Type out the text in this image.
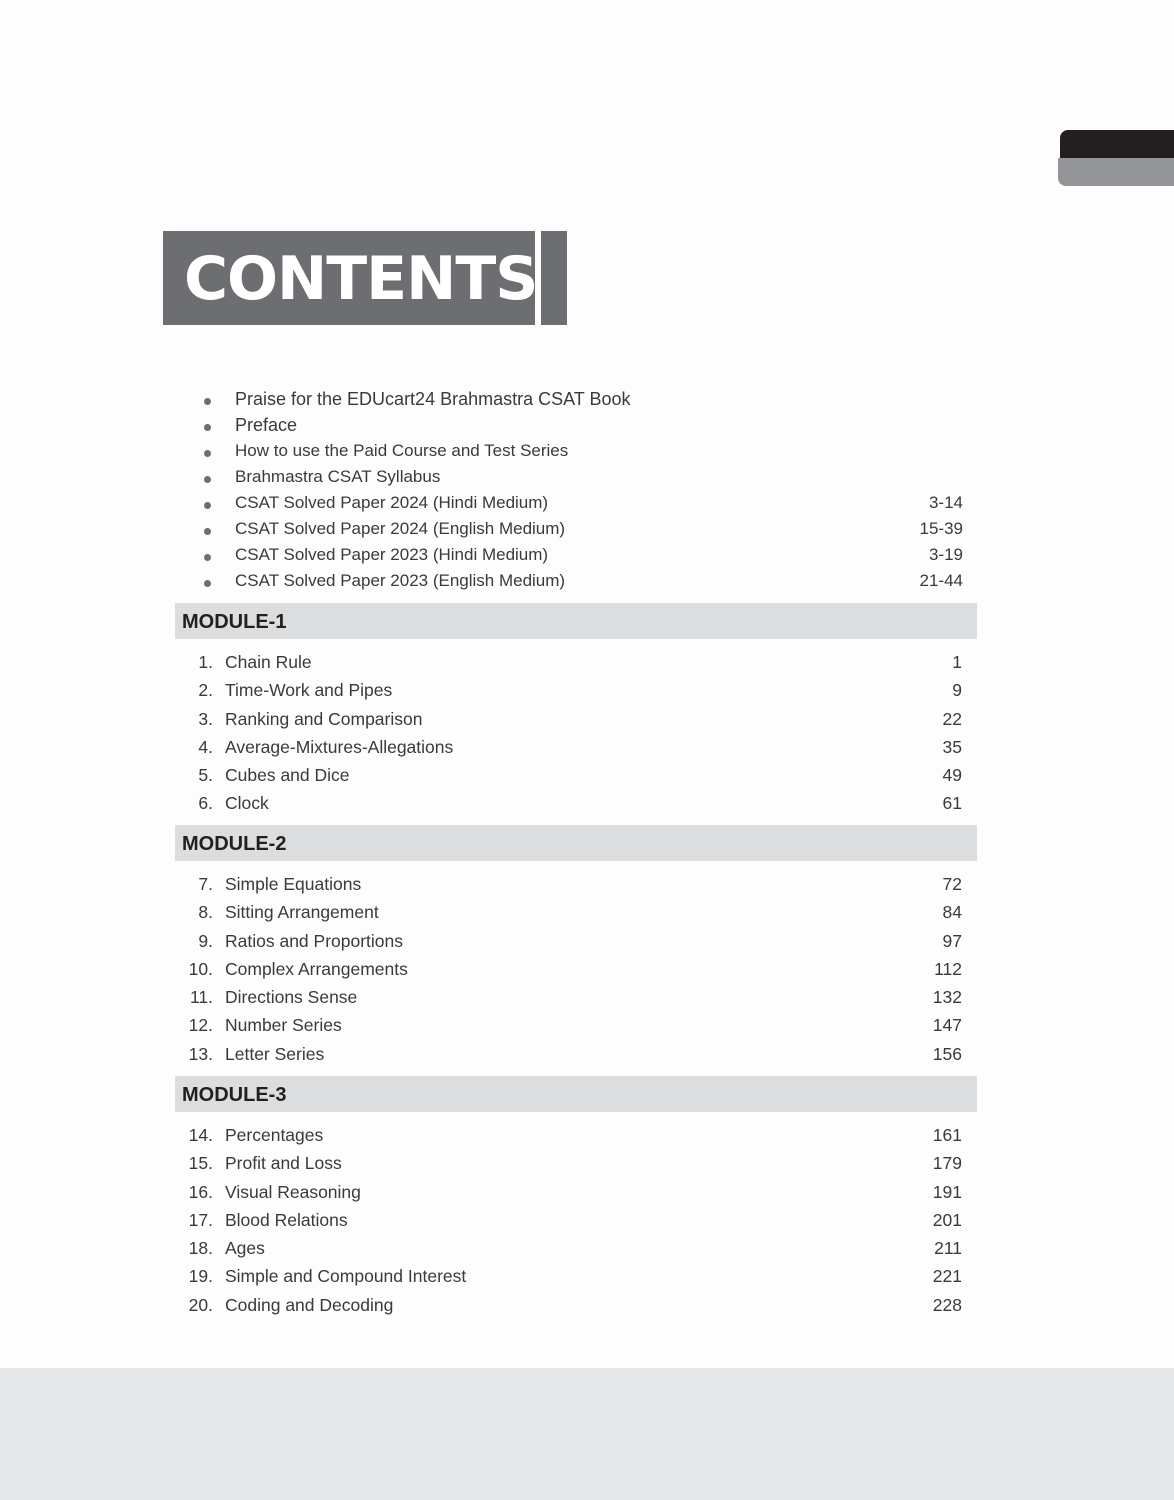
CONTENTS
Praise for the EDUcart24 Brahmastra CSAT Book
Preface
How to use the Paid Course and Test Series
Brahmastra CSAT Syllabus
CSAT Solved Paper 2024 (Hindi Medium)	3-14
CSAT Solved Paper 2024 (English Medium)	15-39
CSAT Solved Paper 2023 (Hindi Medium)	3-19
CSAT Solved Paper 2023 (English Medium)	21-44
MODULE-1
1. Chain Rule	1
2. Time-Work and Pipes	9
3. Ranking and Comparison	22
4. Average-Mixtures-Allegations	35
5. Cubes and Dice	49
6. Clock	61
MODULE-2
7. Simple Equations	72
8. Sitting Arrangement	84
9. Ratios and Proportions	97
10. Complex Arrangements	112
11. Directions Sense	132
12. Number Series	147
13. Letter Series	156
MODULE-3
14. Percentages	161
15. Profit and Loss	179
16. Visual Reasoning	191
17. Blood Relations	201
18. Ages	211
19. Simple and Compound Interest	221
20. Coding and Decoding	228
